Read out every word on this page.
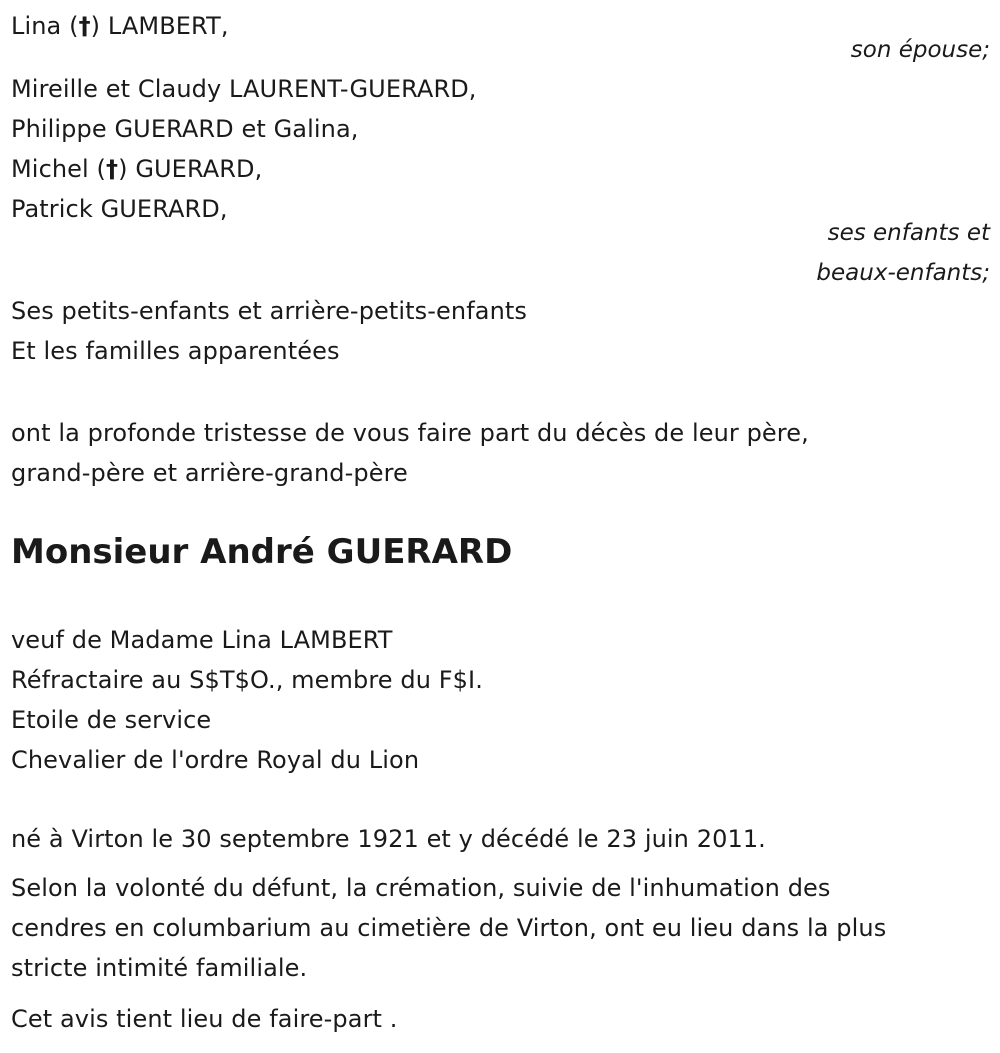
Lina (†) LAMBERT,
son épouse;
Mireille et Claudy LAURENT-GUERARD,
Philippe GUERARD et Galina,
Michel (†) GUERARD,
Patrick GUERARD,
ses enfants et
beaux-enfants;
Ses petits-enfants et arrière-petits-enfants
Et les familles apparentées
ont la profonde tristesse de vous faire part du décès de leur père,
grand-père et arrière-grand-père
Monsieur André GUERARD
veuf de Madame Lina LAMBERT
Réfractaire au S$T$O., membre du F$I.
Etoile de service
Chevalier de l'ordre Royal du Lion
né à Virton le 30 septembre 1921 et y décédé le 23 juin 2011.
Selon la volonté du défunt, la crémation, suivie de l'inhumation des
cendres en columbarium au cimetière de Virton, ont eu lieu dans la plus
stricte intimité familiale.
Cet avis tient lieu de faire-part .
